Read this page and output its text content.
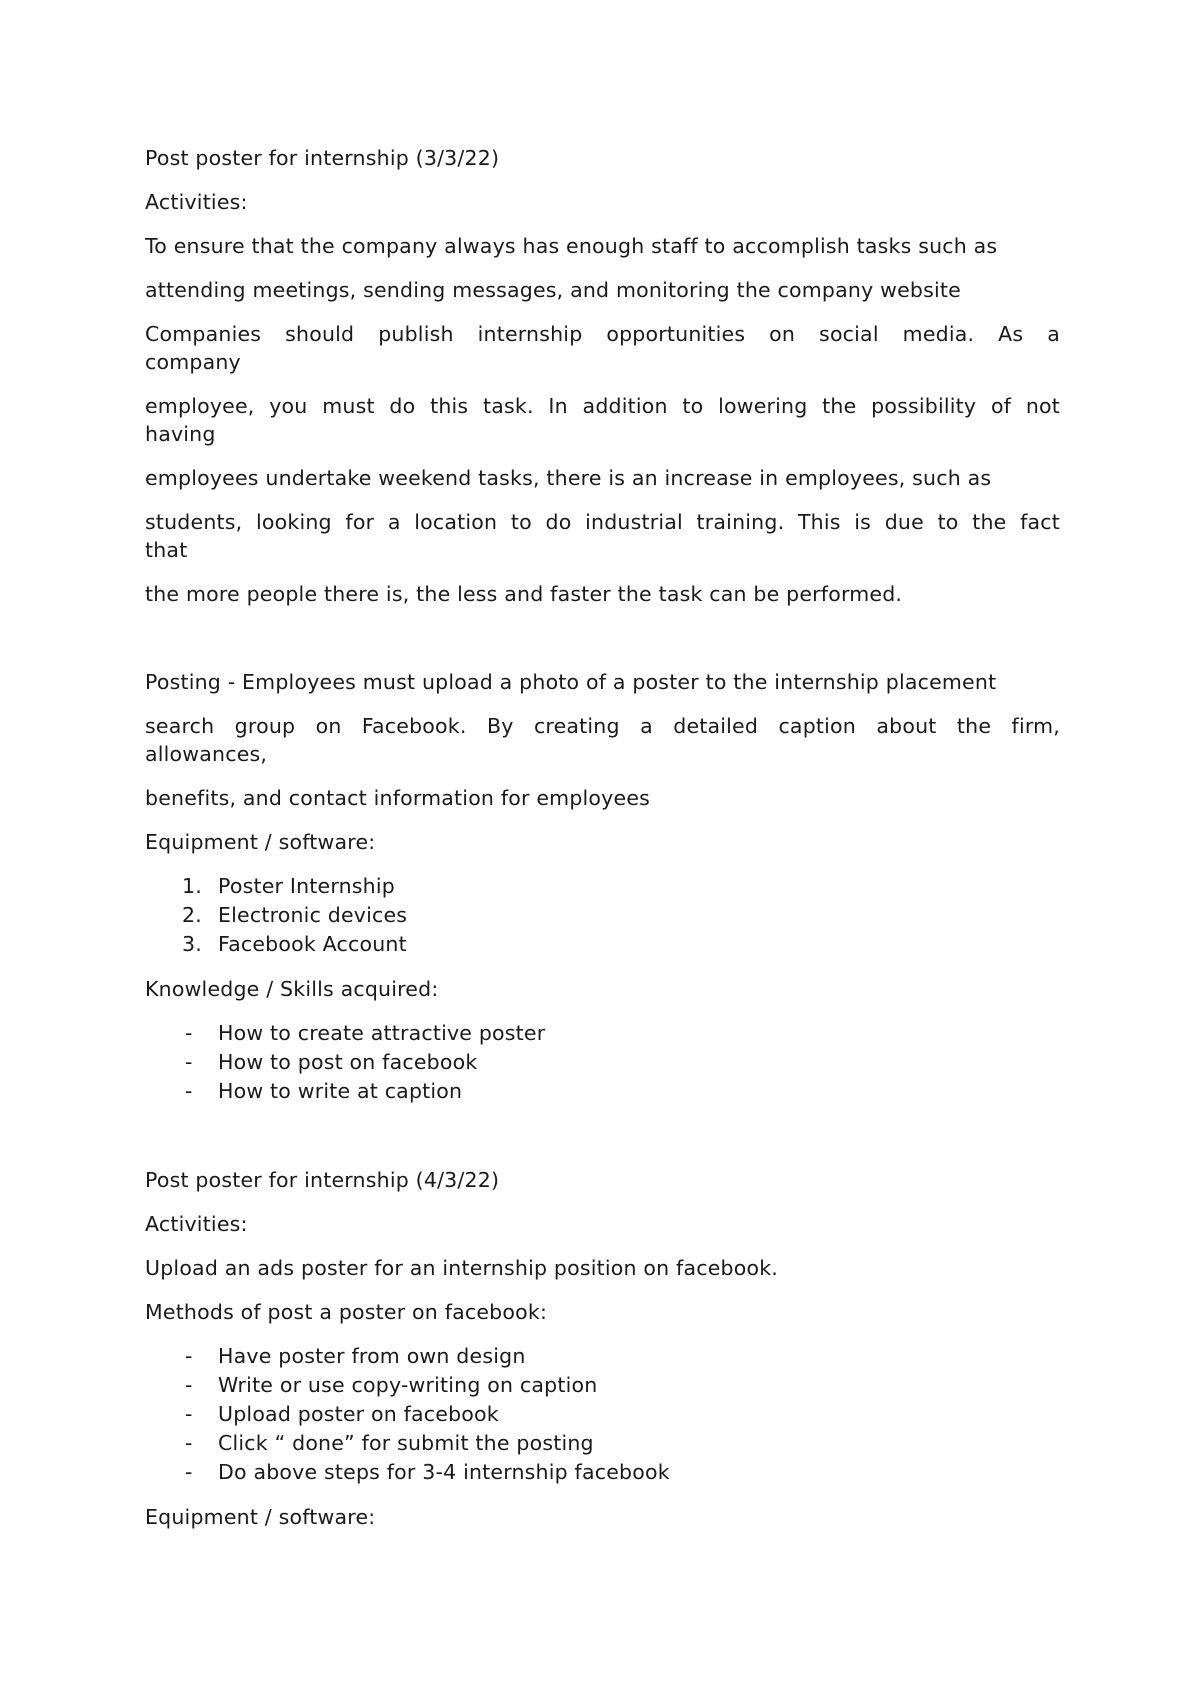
Post poster for internship (3/3/22)

Activities:

To ensure that the company always has enough staff to accomplish tasks such as

attending meetings, sending messages, and monitoring the company website

Companies should publish internship opportunities on social media. As a
company

employee, you must do this task. In addition to lowering the possibility of not
having

employees undertake weekend tasks, there is an increase in employees, such as

students, looking for a location to do industrial training. This is due to the fact
that

the more people there is, the less and faster the task can be performed.

Posting - Employees must upload a photo of a poster to the internship placement

search group on Facebook. By creating a detailed caption about the firm,
allowances,

benefits, and contact information for employees

Equipment / software:

1. Poster Internship
2. Electronic devices
3. Facebook Account

Knowledge / Skills acquired:

- How to create attractive poster
- How to post on facebook
- How to write at caption

Post poster for internship (4/3/22)

Activities:

Upload an ads poster for an internship position on facebook.

Methods of post a poster on facebook:

- Have poster from own design
- Write or use copy-writing on caption
- Upload poster on facebook
- Click “ done” for submit the posting
- Do above steps for 3-4 internship facebook

Equipment / software:
